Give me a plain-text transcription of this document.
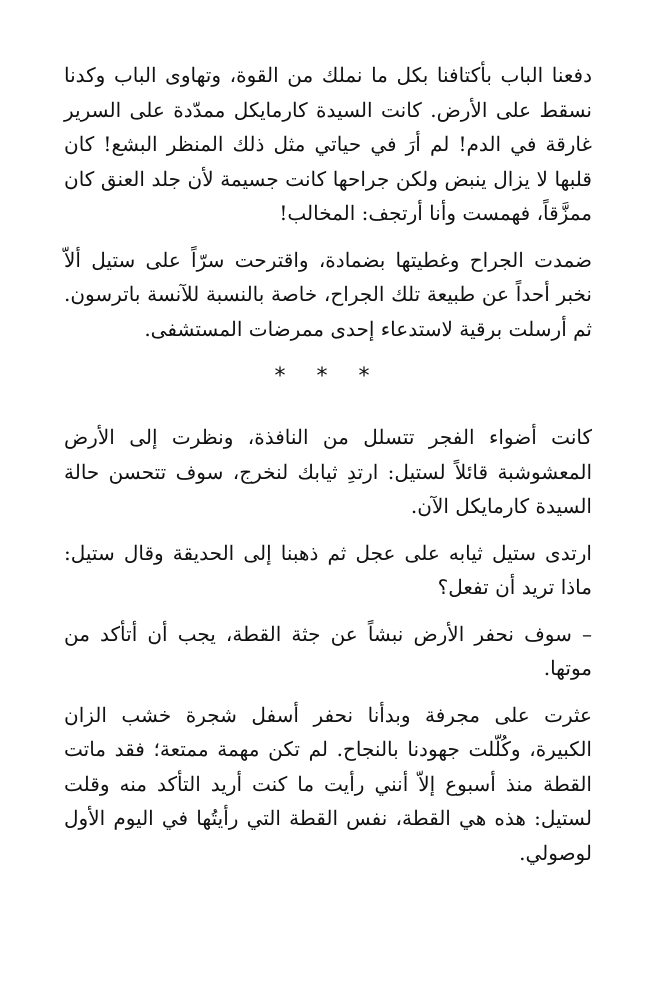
دفعنا الباب بأكتافنا بكل ما نملك من القوة، وتهاوى الباب وكدنا نسقط على الأرض. كانت السيدة كارمايكل ممدّدة على السرير غارقة في الدم! لم أرَ في حياتي مثل ذلك المنظر البشع! كان قلبها لا يزال ينبض ولكن جراحها كانت جسيمة لأن جلد العنق كان ممزَّقاً، فهمست وأنا أرتجف: المخالب!

ضمدت الجراح وغطيتها بضمادة، واقترحت سرّاً على ستيل ألاّ نخبر أحداً عن طبيعة تلك الجراح، خاصة بالنسبة للآنسة باترسون. ثم أرسلت برقية لاستدعاء إحدى ممرضات المستشفى.

* * *

كانت أضواء الفجر تتسلل من النافذة، ونظرت إلى الأرض المعشوشبة قائلاً لستيل: ارتدِ ثيابك لنخرج، سوف تتحسن حالة السيدة كارمايكل الآن.

ارتدى ستيل ثيابه على عجل ثم ذهبنا إلى الحديقة وقال ستيل: ماذا تريد أن تفعل؟

– سوف نحفر الأرض نبشاً عن جثة القطة، يجب أن أتأكد من موتها.

عثرت على مجرفة وبدأنا نحفر أسفل شجرة خشب الزان الكبيرة، وكُلّلت جهودنا بالنجاح. لم تكن مهمة ممتعة؛ فقد ماتت القطة منذ أسبوع إلاّ أنني رأيت ما كنت أريد التأكد منه وقلت لستيل: هذه هي القطة، نفس القطة التي رأيتُها في اليوم الأول لوصولي.
